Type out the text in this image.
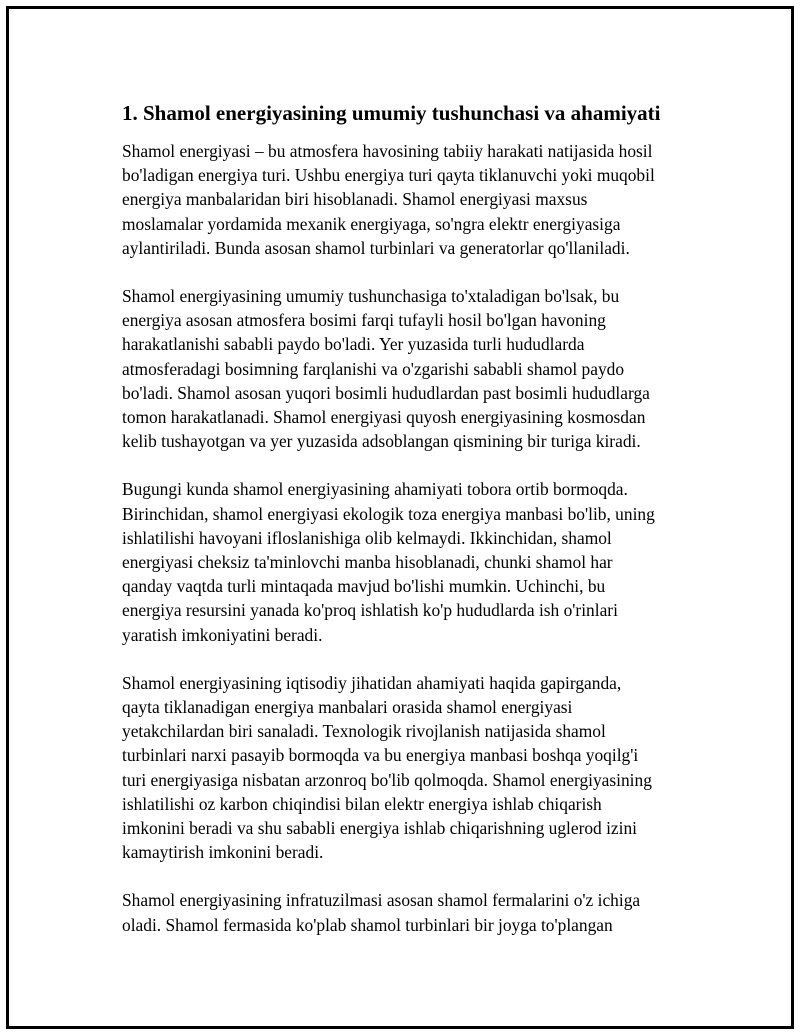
1. Shamol energiyasining umumiy tushunchasi va ahamiyati

Shamol energiyasi – bu atmosfera havosining tabiiy harakati natijasida hosil
bo'ladigan energiya turi. Ushbu energiya turi qayta tiklanuvchi yoki muqobil
energiya manbalaridan biri hisoblanadi. Shamol energiyasi maxsus
moslamalar yordamida mexanik energiyaga, so'ngra elektr energiyasiga
aylantiriladi. Bunda asosan shamol turbinlari va generatorlar qo'llaniladi.

Shamol energiyasining umumiy tushunchasiga to'xtaladigan bo'lsak, bu
energiya asosan atmosfera bosimi farqi tufayli hosil bo'lgan havoning
harakatlanishi sababli paydo bo'ladi. Yer yuzasida turli hududlarda
atmosferadagi bosimning farqlanishi va o'zgarishi sababli shamol paydo
bo'ladi. Shamol asosan yuqori bosimli hududlardan past bosimli hududlarga
tomon harakatlanadi. Shamol energiyasi quyosh energiyasining kosmosdan
kelib tushayotgan va yer yuzasida adsoblangan qismining bir turiga kiradi.

Bugungi kunda shamol energiyasining ahamiyati tobora ortib bormoqda.
Birinchidan, shamol energiyasi ekologik toza energiya manbasi bo'lib, uning
ishlatilishi havoyani ifloslanishiga olib kelmaydi. Ikkinchidan, shamol
energiyasi cheksiz ta'minlovchi manba hisoblanadi, chunki shamol har
qanday vaqtda turli mintaqada mavjud bo'lishi mumkin. Uchinchi, bu
energiya resursini yanada ko'proq ishlatish ko'p hududlarda ish o'rinlari
yaratish imkoniyatini beradi.

Shamol energiyasining iqtisodiy jihatidan ahamiyati haqida gapirganda,
qayta tiklanadigan energiya manbalari orasida shamol energiyasi
yetakchilardan biri sanaladi. Texnologik rivojlanish natijasida shamol
turbinlari narxi pasayib bormoqda va bu energiya manbasi boshqa yoqilg'i
turi energiyasiga nisbatan arzonroq bo'lib qolmoqda. Shamol energiyasining
ishlatilishi oz karbon chiqindisi bilan elektr energiya ishlab chiqarish
imkonini beradi va shu sababli energiya ishlab chiqarishning uglerod izini
kamaytirish imkonini beradi.

Shamol energiyasining infratuzilmasi asosan shamol fermalarini o'z ichiga
oladi. Shamol fermasida ko'plab shamol turbinlari bir joyga to'plangan
